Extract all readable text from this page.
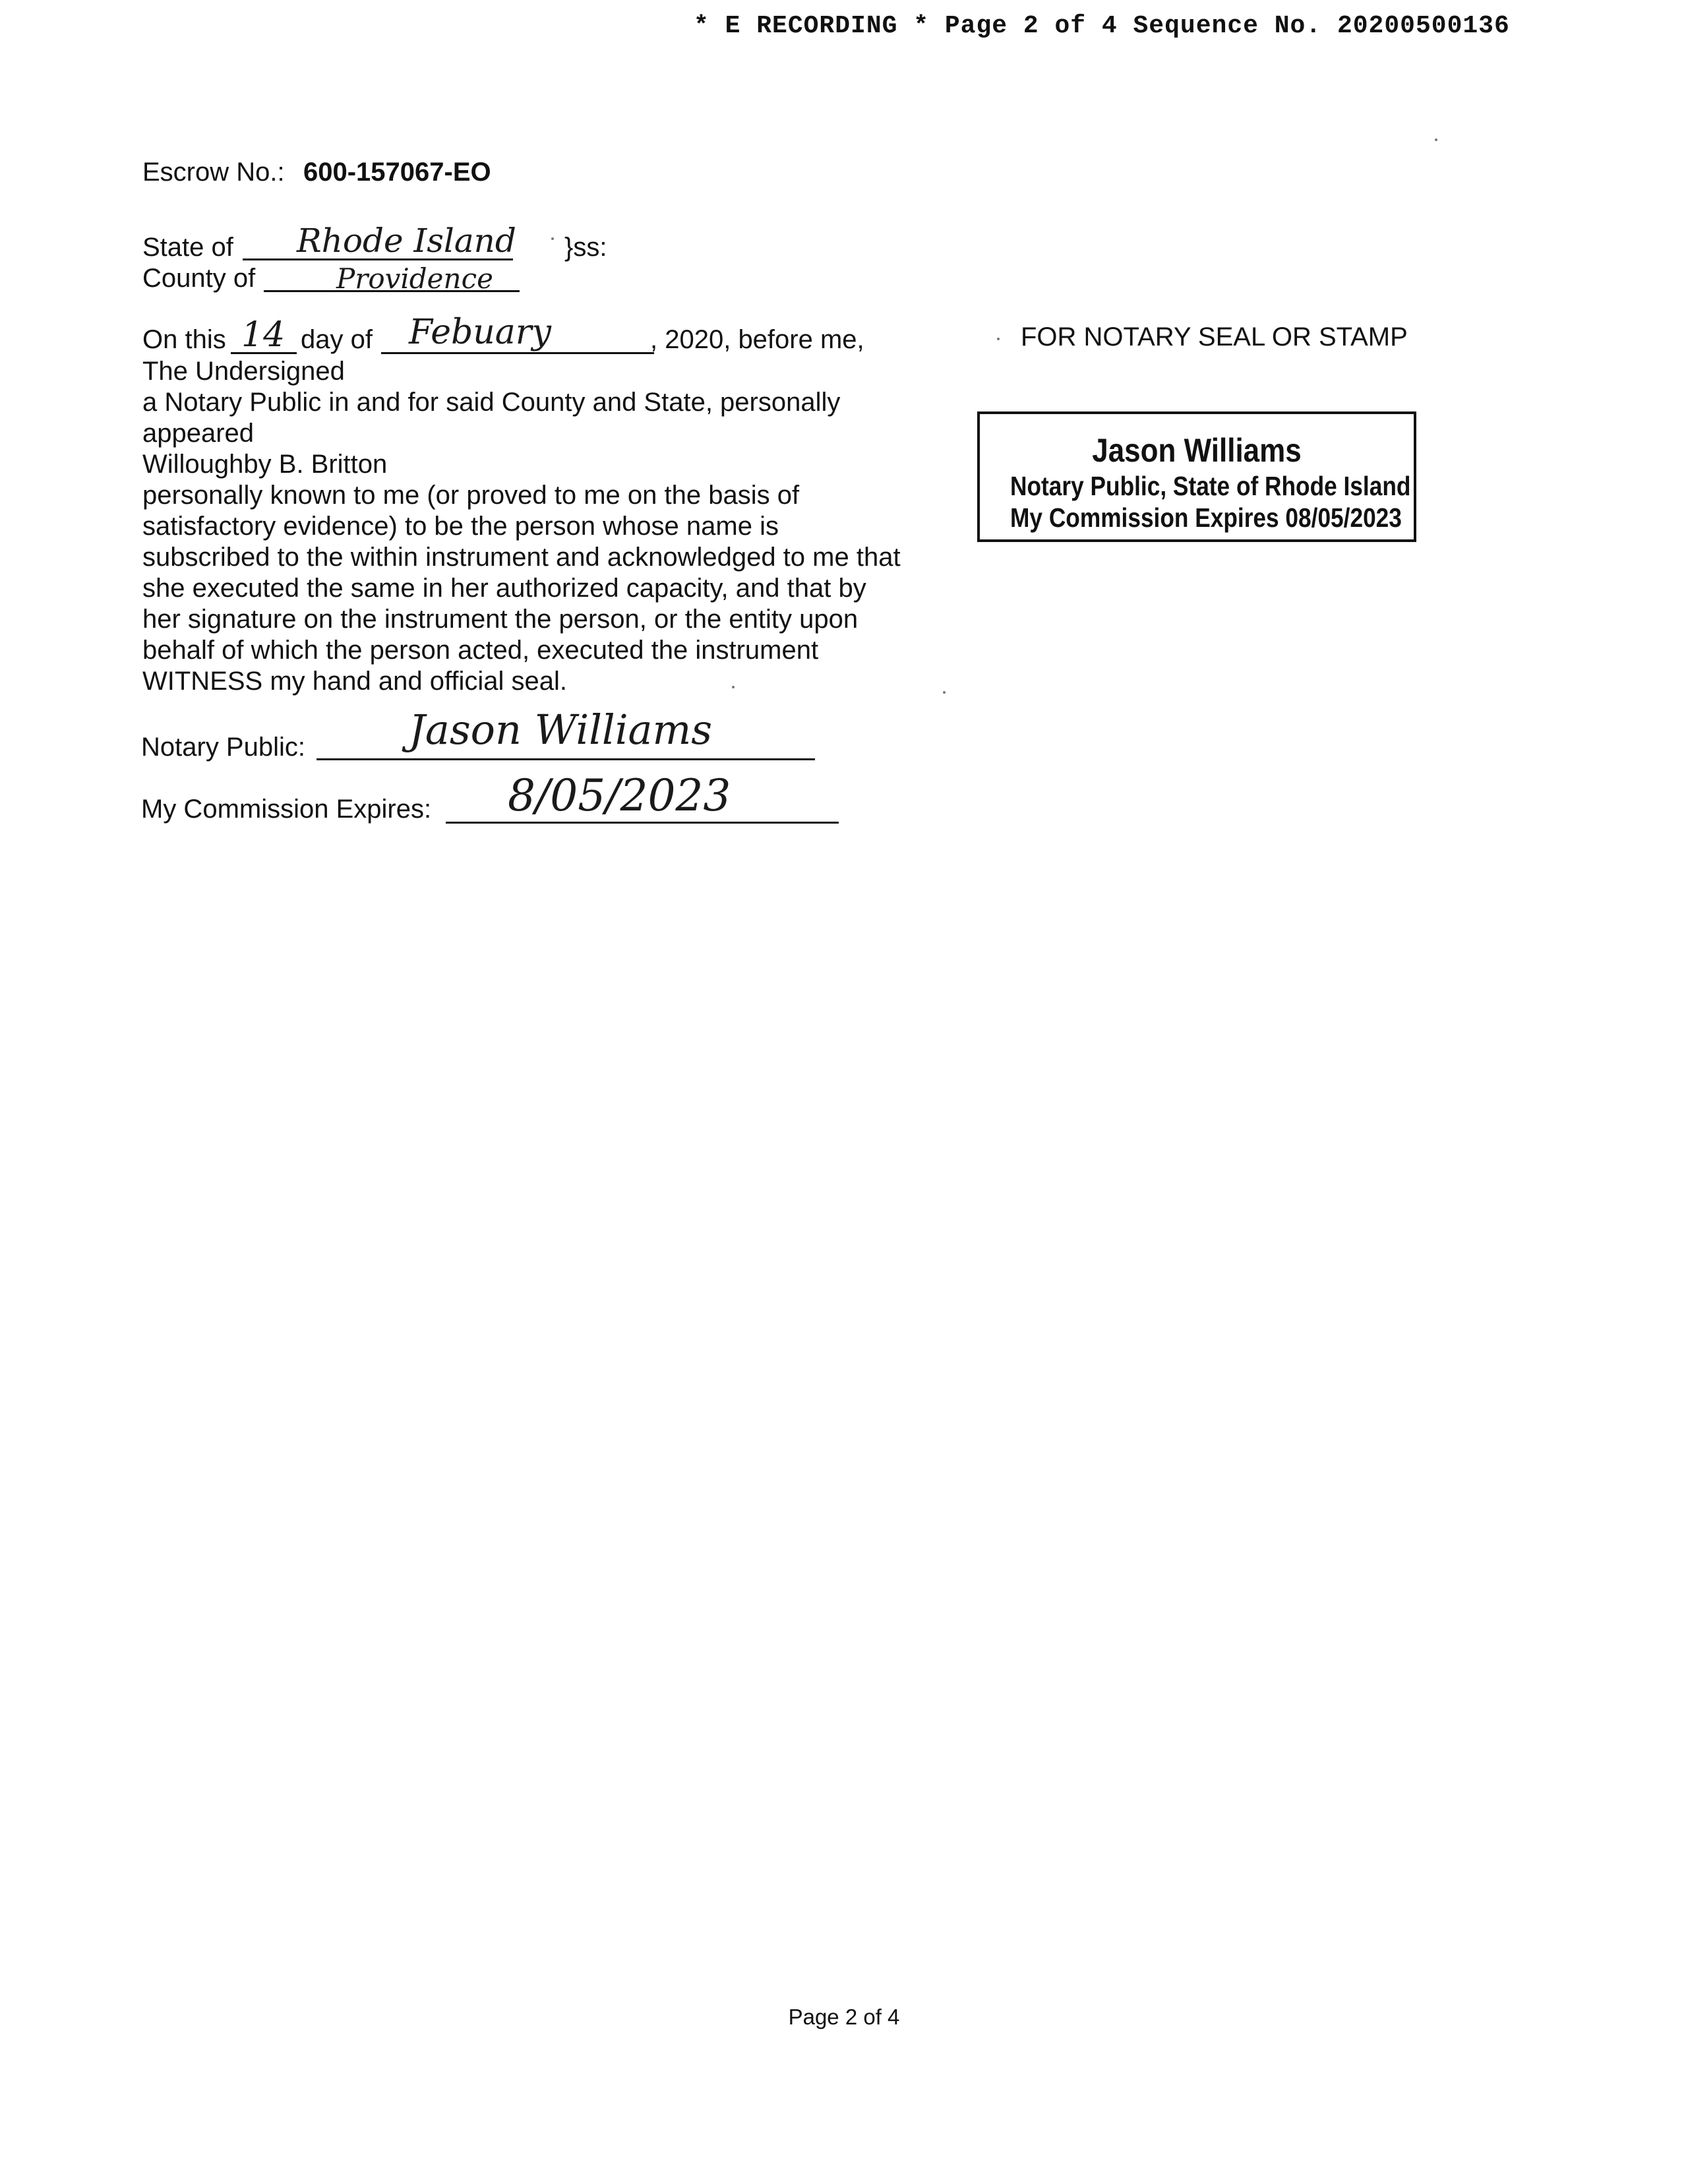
* E RECORDING * Page 2 of 4 Sequence No. 20200500136
Escrow No.: 600-157067-EO
State of Rhode Island }ss:
County of	Providence
On this 14 day of Febuary	, 2020, before me,
The Undersigned
a Notary Public in and for said County and State, personally
appeared
Willoughby B. Britton
personally known to me (or proved to me on the basis of
satisfactory evidence) to be the person whose name is
subscribed to the within instrument and acknowledged to me that
she executed the same in her authorized capacity, and that by
her signature on the instrument the person, or the entity upon
behalf of which the person acted, executed the instrument
WITNESS my hand and official seal.
Notary Public:	Jason Williams
My Commission Expires: 8/05/2023
FOR NOTARY SEAL OR STAMP
Jason Williams
Notary Public, State of Rhode Island
My Commission Expires 08/05/2023
Page 2 of 4
